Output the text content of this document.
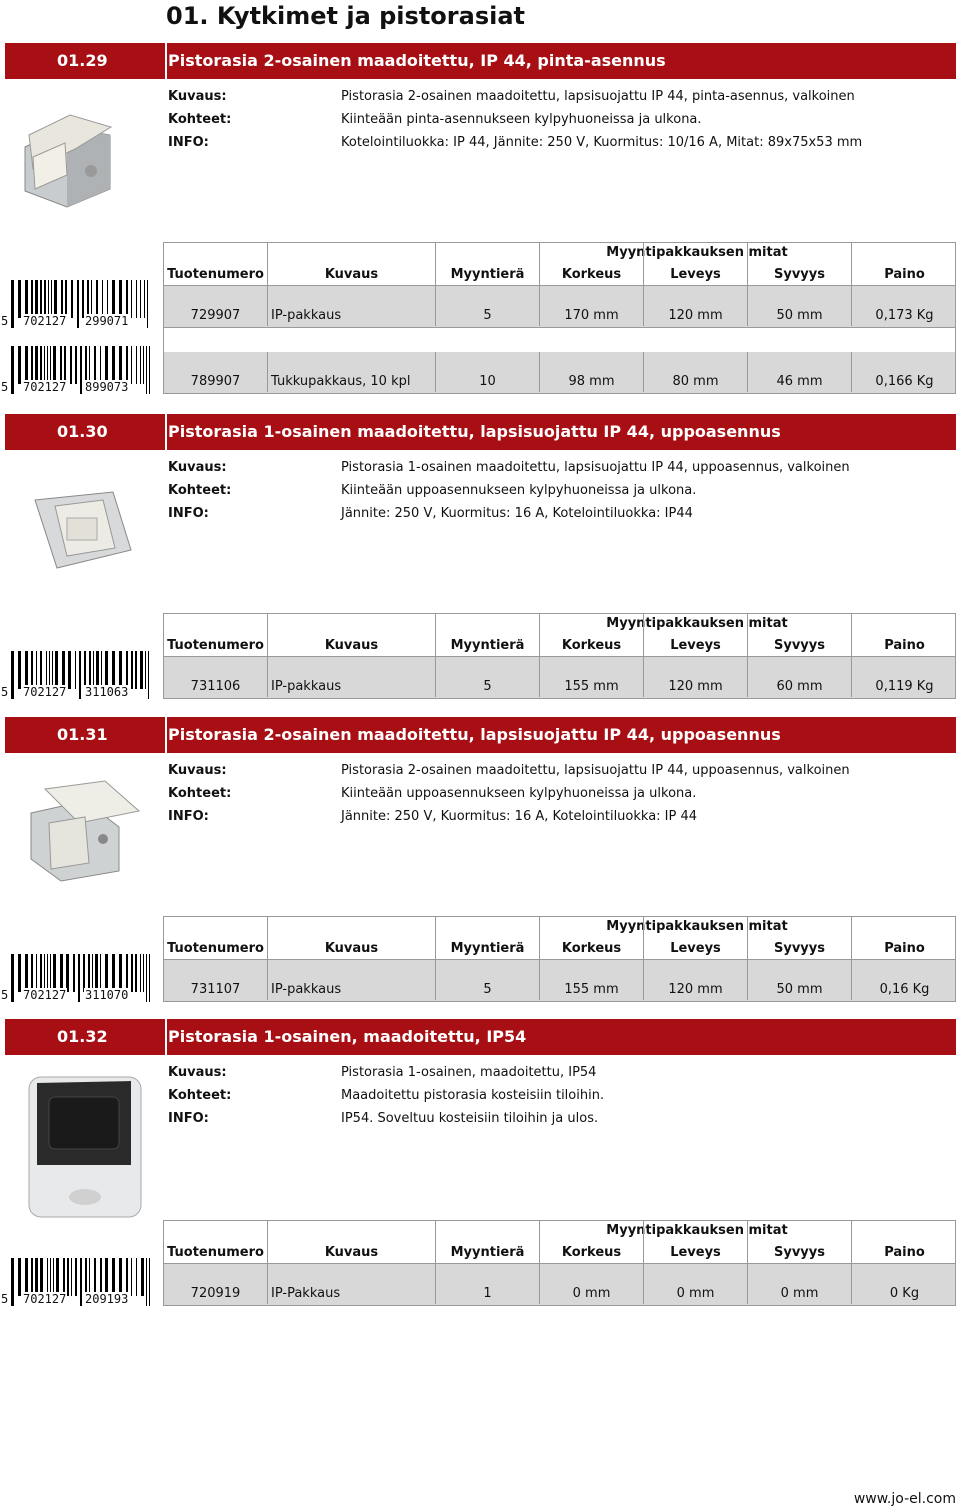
01. Kytkimet ja pistorasiat
01.29	Pistorasia 2-osainen maadoitettu, IP 44, pinta-asennus
Kuvaus:	Pistorasia 2-osainen maadoitettu, lapsisuojattu IP 44, pinta-asennus, valkoinen
Kohteet:	Kiinteään pinta-asennukseen kylpyhuoneissa ja ulkona.
INFO:	Kotelointiluokka: IP 44, Jännite: 250 V, Kuormitus: 10/16 A, Mitat: 89x75x53 mm
5 702127 299071
5 702127 899073
Myyntipakkauksen mitat
Tuotenumero	Kuvaus	Myyntierä	Korkeus	Leveys	Syvyys	Paino
729907	IP-pakkaus	5	170 mm	120 mm	50 mm	0,173 Kg
789907	Tukkupakkaus, 10 kpl	10	98 mm	80 mm	46 mm	0,166 Kg
01.30	Pistorasia 1-osainen maadoitettu, lapsisuojattu IP 44, uppoasennus
Kuvaus:	Pistorasia 1-osainen maadoitettu, lapsisuojattu IP 44, uppoasennus, valkoinen
Kohteet:	Kiinteään uppoasennukseen kylpyhuoneissa ja ulkona.
INFO:	Jännite: 250 V, Kuormitus: 16 A, Kotelointiluokka: IP44
5 702127 311063
Myyntipakkauksen mitat
Tuotenumero	Kuvaus	Myyntierä	Korkeus	Leveys	Syvyys	Paino
731106	IP-pakkaus	5	155 mm	120 mm	60 mm	0,119 Kg
01.31	Pistorasia 2-osainen maadoitettu, lapsisuojattu IP 44, uppoasennus
Kuvaus:	Pistorasia 2-osainen maadoitettu, lapsisuojattu IP 44, uppoasennus, valkoinen
Kohteet:	Kiinteään uppoasennukseen kylpyhuoneissa ja ulkona.
INFO:	Jännite: 250 V, Kuormitus: 16 A, Kotelointiluokka: IP 44
5 702127 311070
Myyntipakkauksen mitat
Tuotenumero	Kuvaus	Myyntierä	Korkeus	Leveys	Syvyys	Paino
731107	IP-pakkaus	5	155 mm	120 mm	50 mm	0,16 Kg
01.32	Pistorasia 1-osainen, maadoitettu, IP54
Kuvaus:	Pistorasia 1-osainen, maadoitettu, IP54
Kohteet:	Maadoitettu pistorasia kosteisiin tiloihin.
INFO:	IP54. Soveltuu kosteisiin tiloihin ja ulos.
5 702127 209193
Myyntipakkauksen mitat
Tuotenumero	Kuvaus	Myyntierä	Korkeus	Leveys	Syvyys	Paino
720919	IP-Pakkaus	1	0 mm	0 mm	0 mm	0 Kg
www.jo-el.com
